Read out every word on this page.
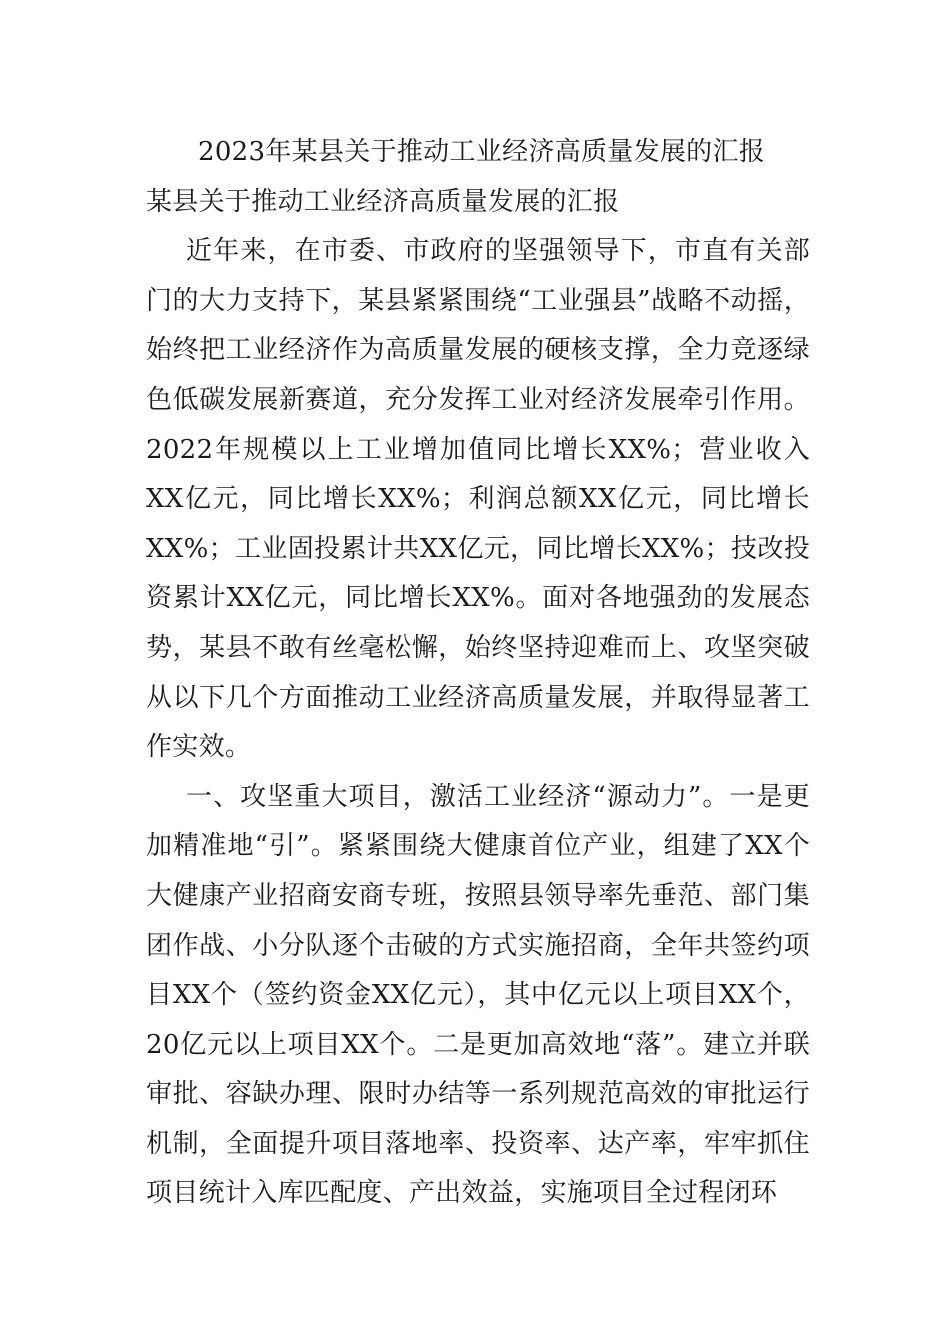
2023年某县关于推动工业经济高质量发展的汇报

某县关于推动工业经济高质量发展的汇报

近年来，在市委、市政府的坚强领导下，市直有关部门的大力支持下，某县紧紧围绕“工业强县”战略不动摇，始终把工业经济作为高质量发展的硬核支撑，全力竞逐绿色低碳发展新赛道，充分发挥工业对经济发展牵引作用。2022年规模以上工业增加值同比增长XX%；营业收入XX亿元，同比增长XX%；利润总额XX亿元，同比增长XX%；工业固投累计共XX亿元，同比增长XX%；技改投资累计XX亿元，同比增长XX%。面对各地强劲的发展态势，某县不敢有丝毫松懈，始终坚持迎难而上、攻坚突破从以下几个方面推动工业经济高质量发展，并取得显著工作实效。

一、攻坚重大项目，激活工业经济“源动力”。一是更加精准地“引”。紧紧围绕大健康首位产业，组建了XX个大健康产业招商安商专班，按照县领导率先垂范、部门集团作战、小分队逐个击破的方式实施招商，全年共签约项目XX个（签约资金XX亿元），其中亿元以上项目XX个，20亿元以上项目XX个。二是更加高效地“落”。建立并联审批、容缺办理、限时办结等一系列规范高效的审批运行机制，全面提升项目落地率、投资率、达产率，牢牢抓住项目统计入库匹配度、产出效益，实施项目全过程闭环
